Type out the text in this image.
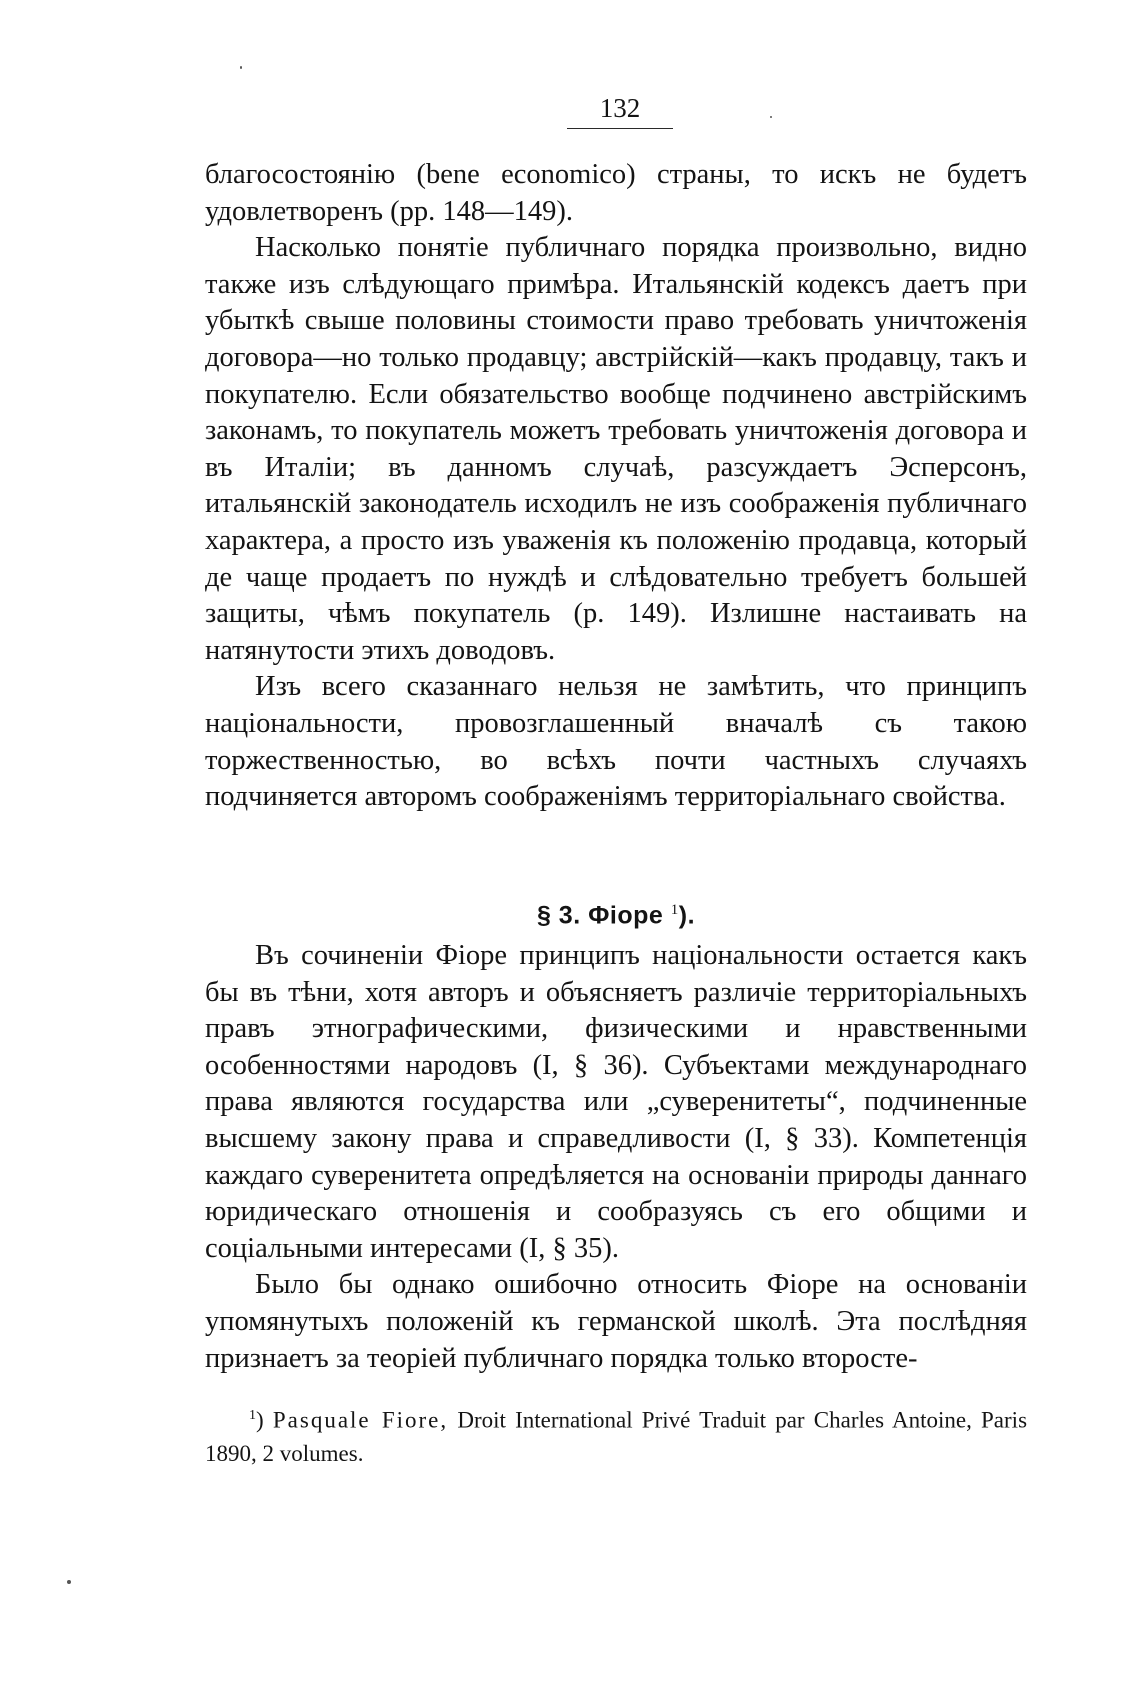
132

благосостоянію (bene economico) страны, то искъ не будетъ удовлетворенъ (pp. 148—149).

Насколько понятіе публичнаго порядка произвольно, видно также изъ слѣдующаго примѣра. Итальянскій кодексъ даетъ при убыткѣ свыше половины стоимости право требовать уничтоженія договора—но только продавцу; австрійскій—какъ продавцу, такъ и покупателю. Если обязательство вообще подчинено австрійскимъ законамъ, то покупатель можетъ требовать уничтоженія договора и въ Италіи; въ данномъ случаѣ, разсуждаетъ Эсперсонъ, итальянскій законодатель исходилъ не изъ соображенія публичнаго характера, а просто изъ уваженія къ положенію продавца, который де чаще продаетъ по нуждѣ и слѣдовательно требуетъ большей защиты, чѣмъ покупатель (p. 149). Излишне настаивать на натянутости этихъ доводовъ.

Изъ всего сказаннаго нельзя не замѣтить, что принципъ національности, провозглашенный вначалѣ съ такою торжественностью, во всѣхъ почти частныхъ случаяхъ подчиняется авторомъ соображеніямъ территоріальнаго свойства.

§ 3. Фіоре $^1$).

Въ сочиненіи Фіоре принципъ національности остается какъ бы въ тѣни, хотя авторъ и объясняетъ различіе территоріальныхъ правъ этнографическими, физическими и нравственными особенностями народовъ (I, § 36). Субъектами международнаго права являются государства или „суверенитеты“, подчиненные высшему закону права и справедливости (I, § 33). Компетенція каждаго суверенитета опредѣляется на основаніи природы даннаго юридическаго отношенія и сообразуясь съ его общими и соціальными интересами (I, § 35).

Было бы однако ошибочно относить Фіоре на основаніи упомянутыхъ положеній къ германской школѣ. Эта послѣдняя признаетъ за теоріей публичнаго порядка только второсте-

$^1$) Pasquale Fiore, Droit International Privé Traduit par Charles Antoine, Paris 1890, 2 volumes.
